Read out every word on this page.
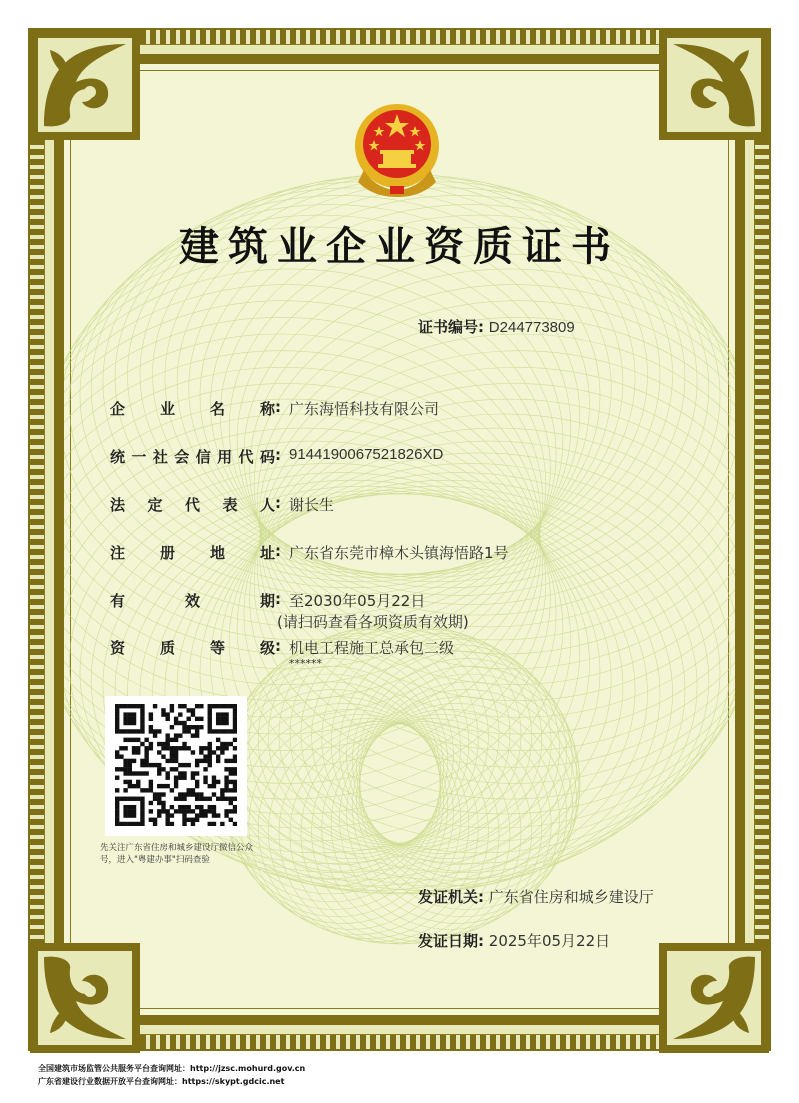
建筑业企业资质证书
证书编号: D244773809
企业名称: 广东海悟科技有限公司
统一社会信用代码: 9144190067521826XD
法定代表人: 谢长生
注册地址: 广东省东莞市樟木头镇海悟路1号
有效期: 至2030年05月22日
(请扫码查看各项资质有效期)
资质等级: 机电工程施工总承包二级
******
先关注广东省住房和城乡建设厅微信公众号，进入"粤建办事"扫码查验
发证机关: 广东省住房和城乡建设厅
发证日期: 2025年05月22日
全国建筑市场监管公共服务平台查询网址：http://jzsc.mohurd.gov.cn
广东省建设行业数据开放平台查询网址：https://skypt.gdcic.net
